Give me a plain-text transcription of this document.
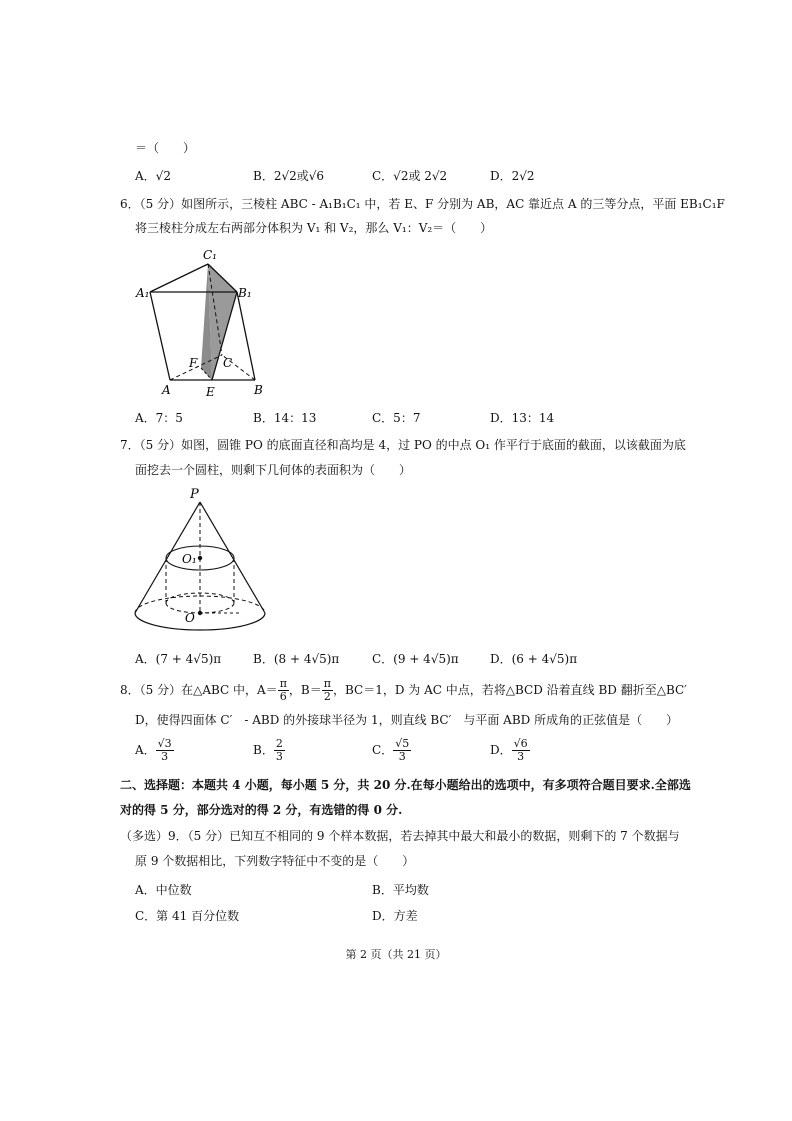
＝（　　）
A．√2	B．2√2或√6	C．√2或 2√2	D．2√2
6．（5 分）如图所示，三棱柱 ABC - A₁B₁C₁ 中，若 E、F 分别为 AB，AC 靠近点 A 的三等分点，平面 EB₁C₁F
将三棱柱分成左右两部分体积为 V₁ 和 V₂，那么 V₁：V₂＝（　　）
C₁
A₁	B₁
F C
A	E	B
A．7：5	B．14：13	C．5：7	D．13：14
7．（5 分）如图，圆锥 PO 的底面直径和高均是 4，过 PO 的中点 O₁ 作平行于底面的截面，以该截面为底
面挖去一个圆柱，则剩下几何体的表面积为（　　）
P
O₁
O
A．(7 + 4√5)π	B．(8 + 4√5)π	C．(9 + 4√5)π	D．(6 + 4√5)π
8．（5 分）在△ABC 中，$A= \frac{\pi}{6}$ ，$B= \frac{\pi}{2}$ ，BC＝1，D 为 AC 中点，若将△BCD 沿着直线 BD 翻折至△BC′
D，使得四面体 C′　- ABD 的外接球半径为 1，则直线 BC′　与平面 ABD 所成角的正弦值是（　　）
A． $\frac{√3}{3}$	B． $\frac{2}{3}$	C． $\frac{√5}{3}$	D． $\frac{√6}{3}$
二、选择题：本题共 4 小题，每小题 5 分，共 20 分.在每小题给出的选项中，有多项符合题目要求.全部选
对的得 5 分，部分选对的得 2 分，有选错的得 0 分.
（多选）9．（5 分）已知互不相同的 9 个样本数据，若去掉其中最大和最小的数据，则剩下的 7 个数据与
原 9 个数据相比，下列数字特征中不变的是（　　）
A．中位数	B．平均数
C．第 41 百分位数	D．方差
第 2 页（共 21 页）
